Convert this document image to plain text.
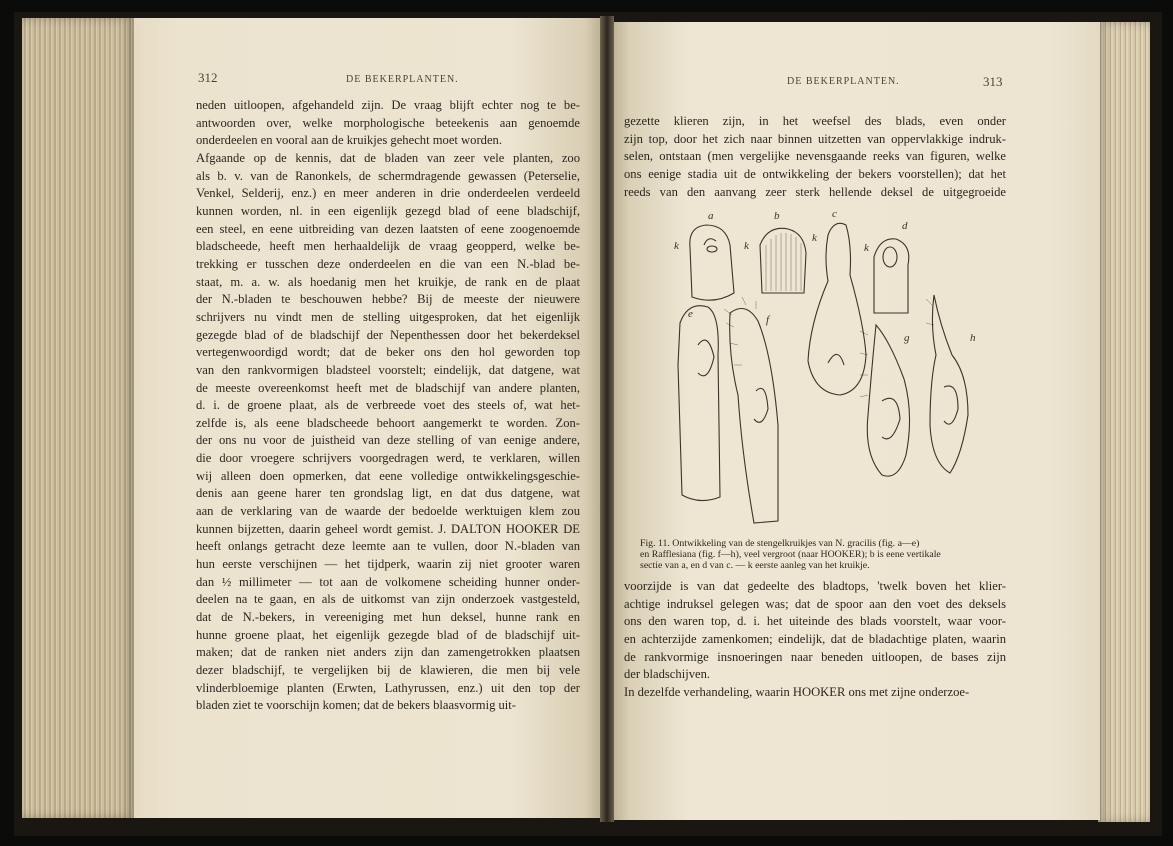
312	DE BEKERPLANTEN.
neden uitloopen, afgehandeld zijn. De vraag blijft echter nog te be-
antwoorden over, welke morphologische beteekenis aan genoemde
onderdeelen en vooral aan de kruikjes gehecht moet worden.
Afgaande op de kennis, dat de bladen van zeer vele planten, zoo
als b. v. van de Ranonkels, de schermdragende gewassen (Peterselie,
Venkel, Selderij, enz.) en meer anderen in drie onderdeelen verdeeld
kunnen worden, nl. in een eigenlijk gezegd blad of eene bladschijf,
een steel, en eene uitbreiding van dezen laatsten of eene zoogenoemde
bladscheede, heeft men herhaaldelijk de vraag geopperd, welke be-
trekking er tusschen deze onderdeelen en die van een N.-blad be-
staat, m. a. w. als hoedanig men het kruikje, de rank en de plaat
der N.-bladen te beschouwen hebbe? Bij de meeste der nieuwere
schrijvers nu vindt men de stelling uitgesproken, dat het eigenlijk
gezegde blad of de bladschijf der Nepenthessen door het bekerdeksel
vertegenwoordigd wordt; dat de beker ons den hol geworden top
van den rankvormigen bladsteel voorstelt; eindelijk, dat datgene, wat
de meeste overeenkomst heeft met de bladschijf van andere planten,
d. i. de groene plaat, als de verbreede voet des steels of, wat het-
zelfde is, als eene bladscheede behoort aangemerkt te worden. Zon-
der ons nu voor de juistheid van deze stelling of van eenige andere,
die door vroegere schrijvers voorgedragen werd, te verklaren, willen
wij alleen doen opmerken, dat eene volledige ontwikkelingsgeschie-
denis aan geene harer ten grondslag ligt, en dat dus datgene, wat
aan de verklaring van de waarde der bedoelde werktuigen klem zou
kunnen bijzetten, daarin geheel wordt gemist. J. DALTON HOOKER DE
heeft onlangs getracht deze leemte aan te vullen, door N.-bladen van
hun eerste verschijnen — het tijdperk, waarin zij niet grooter waren
dan ½ millimeter — tot aan de volkomene scheiding hunner onder-
deelen na te gaan, en als de uitkomst van zijn onderzoek vastgesteld,
dat de N.-bekers, in vereeniging met hun deksel, hunne rank en
hunne groene plaat, het eigenlijk gezegde blad of de bladschijf uit-
maken; dat de ranken niet anders zijn dan zamengetrokken plaatsen
dezer bladschijf, te vergelijken bij de klawieren, die men bij vele
vlinderbloemige planten (Erwten, Lathyrussen, enz.) uit den top der
bladen ziet te voorschijn komen; dat de bekers blaasvormig uit-
DE BEKERPLANTEN.	313
gezette klieren zijn, in het weefsel des blads, even onder
zijn top, door het zich naar binnen uitzetten van oppervlakkige indruk-
selen, ontstaan (men vergelijke nevensgaande reeks van figuren, welke
ons eenige stadia uit de ontwikkeling der bekers voorstellen); dat het
reeds van den aanvang zeer sterk hellende deksel de uitgegroeide
a	b	c
d
e	f
g	h
k	k
k
k
Fig. 11. Ontwikkeling van de stengelkruikjes van N. gracilis (fig. a—e)
en Rafflesiana (fig. f—h), veel vergroot (naar HOOKER); b is eene vertikale
sectie van a, en d van c. — k eerste aanleg van het kruikje.
voorzijde is van dat gedeelte des bladtops, 'twelk boven het klier-
achtige indruksel gelegen was; dat de spoor aan den voet des deksels
ons den waren top, d. i. het uiteinde des blads voorstelt, waar voor-
en achterzijde zamenkomen; eindelijk, dat de bladachtige platen, waarin
de rankvormige insnoeringen naar beneden uitloopen, de bases zijn
der bladschijven.
In dezelfde verhandeling, waarin HOOKER ons met zijne onderzoe-
